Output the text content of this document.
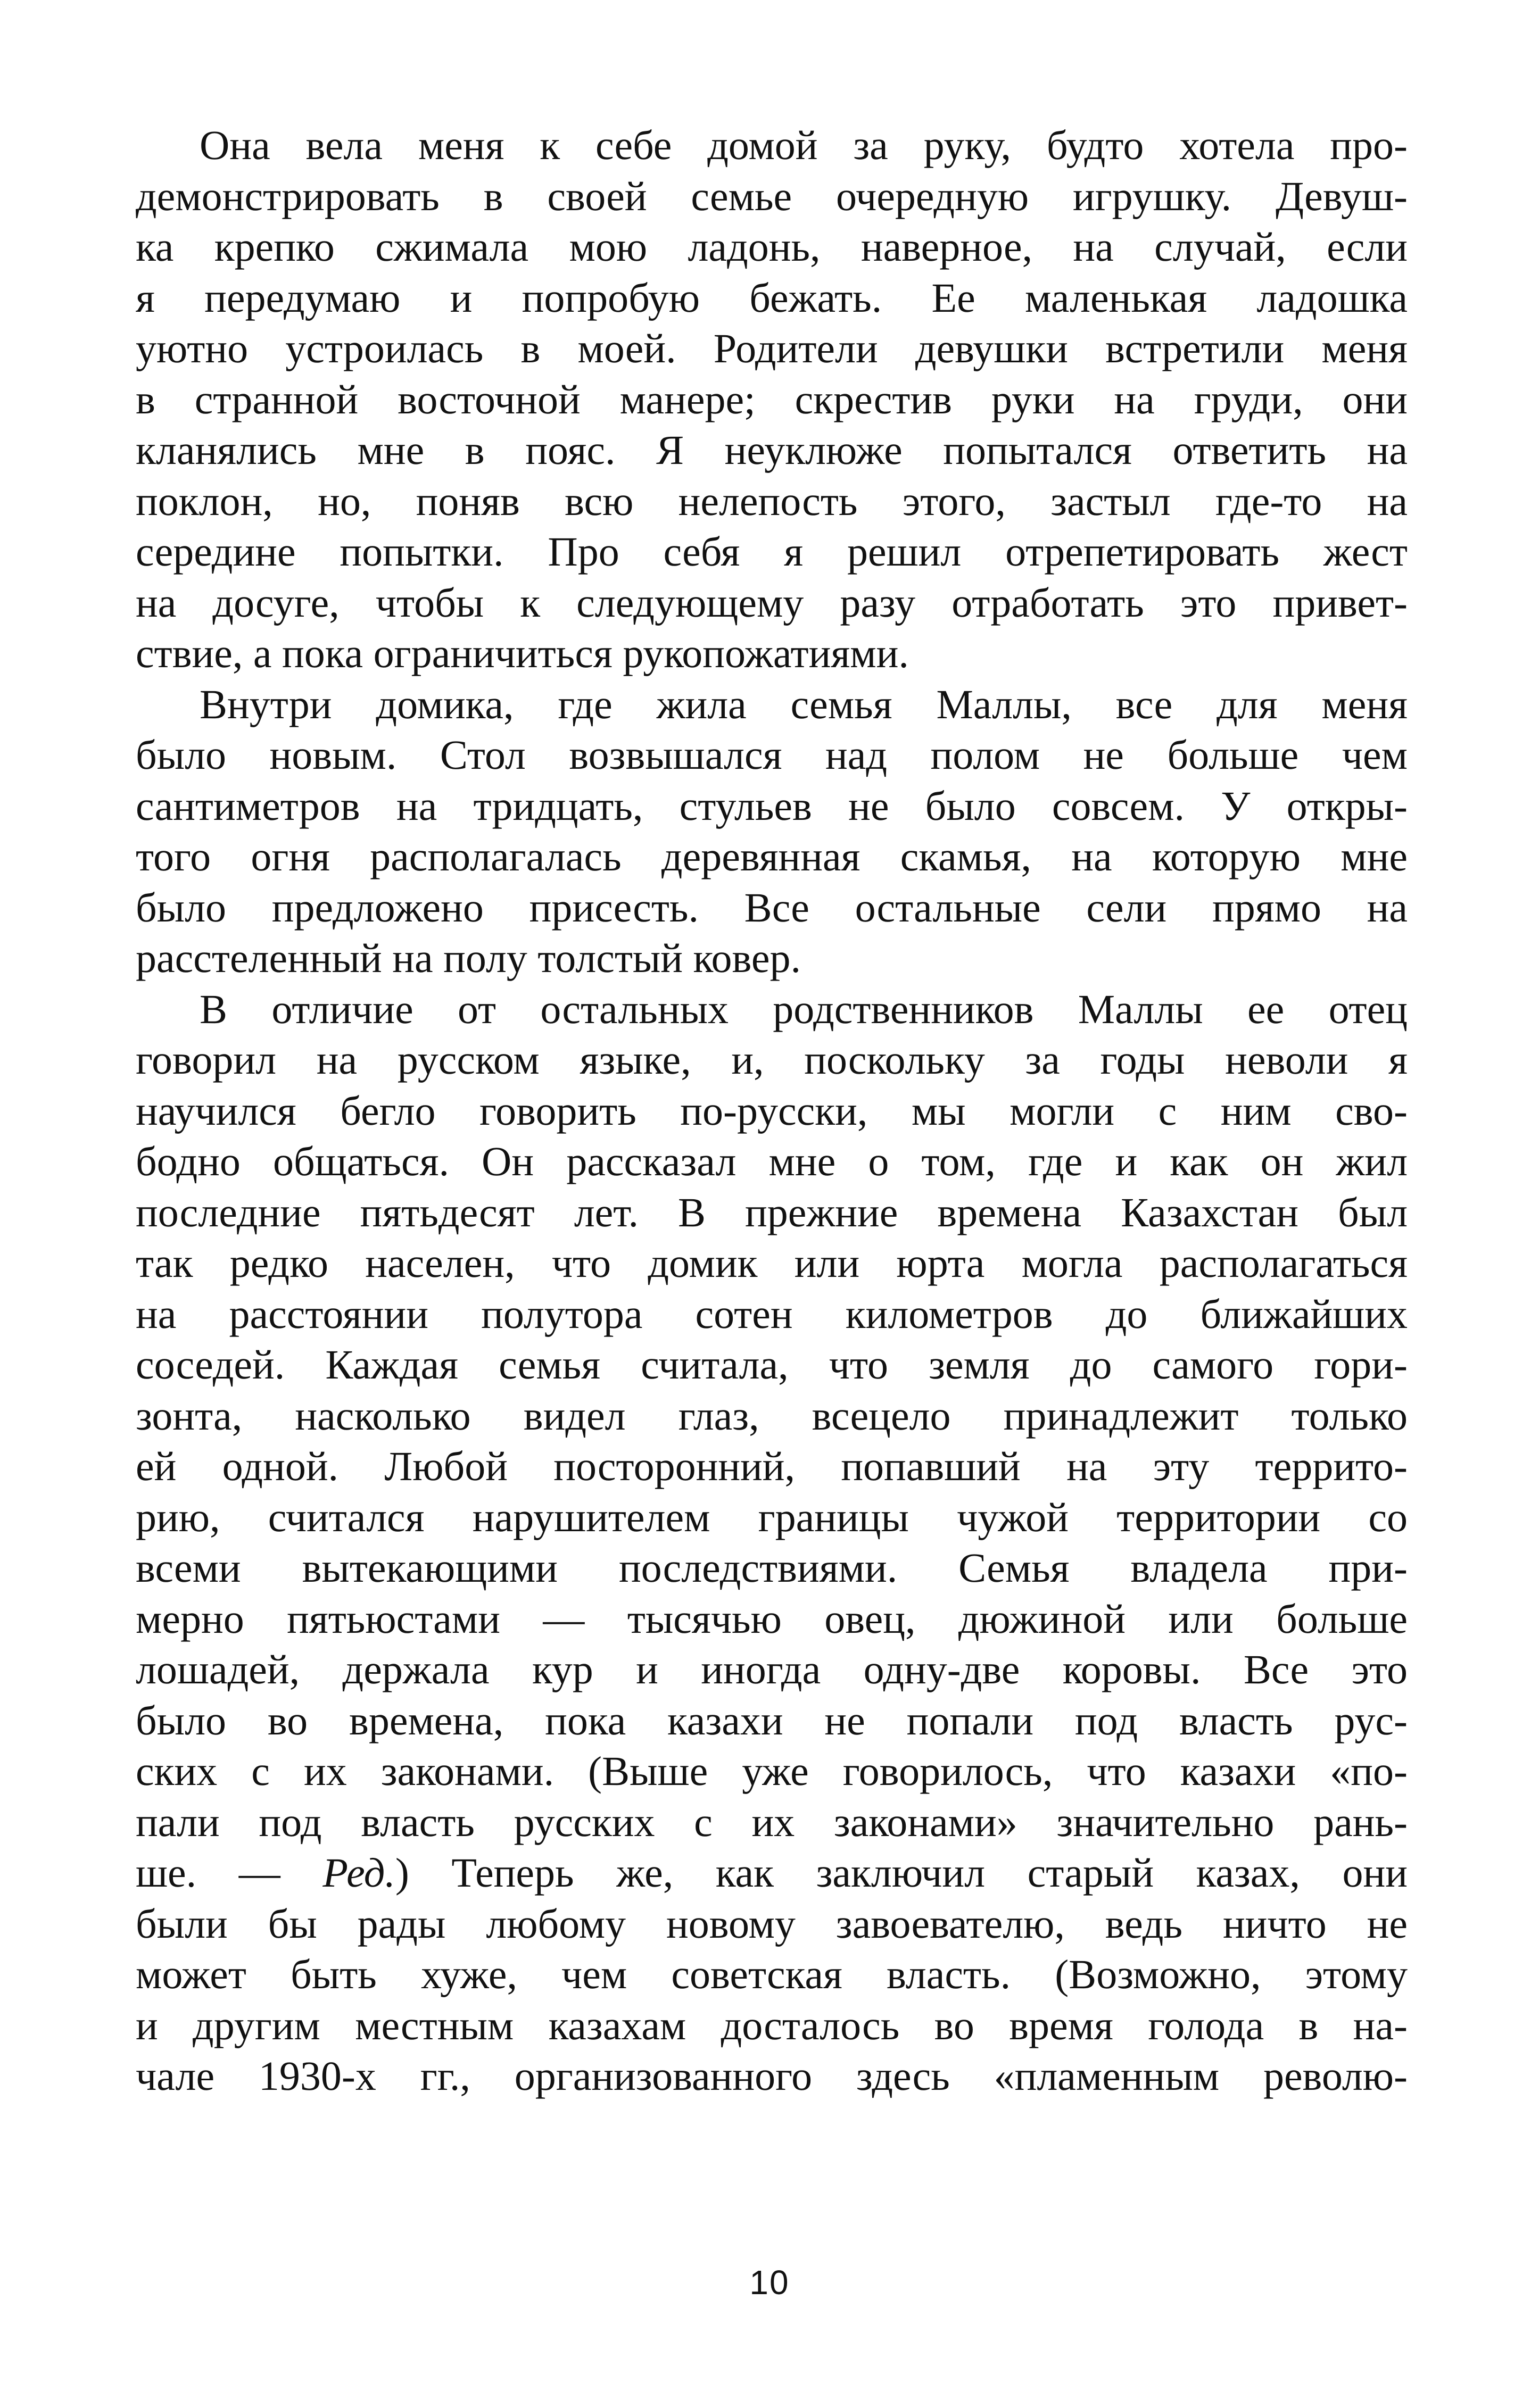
Она вела меня к себе домой за руку, будто хотела про-
демонстрировать в своей семье очередную игрушку. Девуш-
ка крепко сжимала мою ладонь, наверное, на случай, если
я передумаю и попробую бежать. Ее маленькая ладошка
уютно устроилась в моей. Родители девушки встретили меня
в странной восточной манере; скрестив руки на груди, они
кланялись мне в пояс. Я неуклюже попытался ответить на
поклон, но, поняв всю нелепость этого, застыл где-то на
середине попытки. Про себя я решил отрепетировать жест
на досуге, чтобы к следующему разу отработать это привет-
ствие, а пока ограничиться рукопожатиями.
Внутри домика, где жила семья Маллы, все для меня
было новым. Стол возвышался над полом не больше чем
сантиметров на тридцать, стульев не было совсем. У откры-
того огня располагалась деревянная скамья, на которую мне
было предложено присесть. Все остальные сели прямо на
расстеленный на полу толстый ковер.
В отличие от остальных родственников Маллы ее отец
говорил на русском языке, и, поскольку за годы неволи я
научился бегло говорить по-русски, мы могли с ним сво-
бодно общаться. Он рассказал мне о том, где и как он жил
последние пятьдесят лет. В прежние времена Казахстан был
так редко населен, что домик или юрта могла располагаться
на расстоянии полутора сотен километров до ближайших
соседей. Каждая семья считала, что земля до самого гори-
зонта, насколько видел глаз, всецело принадлежит только
ей одной. Любой посторонний, попавший на эту террито-
рию, считался нарушителем границы чужой территории со
всеми вытекающими последствиями. Семья владела при-
мерно пятьюстами — тысячью овец, дюжиной или больше
лошадей, держала кур и иногда одну-две коровы. Все это
было во времена, пока казахи не попали под власть рус-
ских с их законами. (Выше уже говорилось, что казахи «по-
пали под власть русских с их законами» значительно рань-
ше. — Ред.) Теперь же, как заключил старый казах, они
были бы рады любому новому завоевателю, ведь ничто не
может быть хуже, чем советская власть. (Возможно, этому
и другим местным казахам досталось во время голода в на-
чале 1930-х гг., организованного здесь «пламенным револю-
10
